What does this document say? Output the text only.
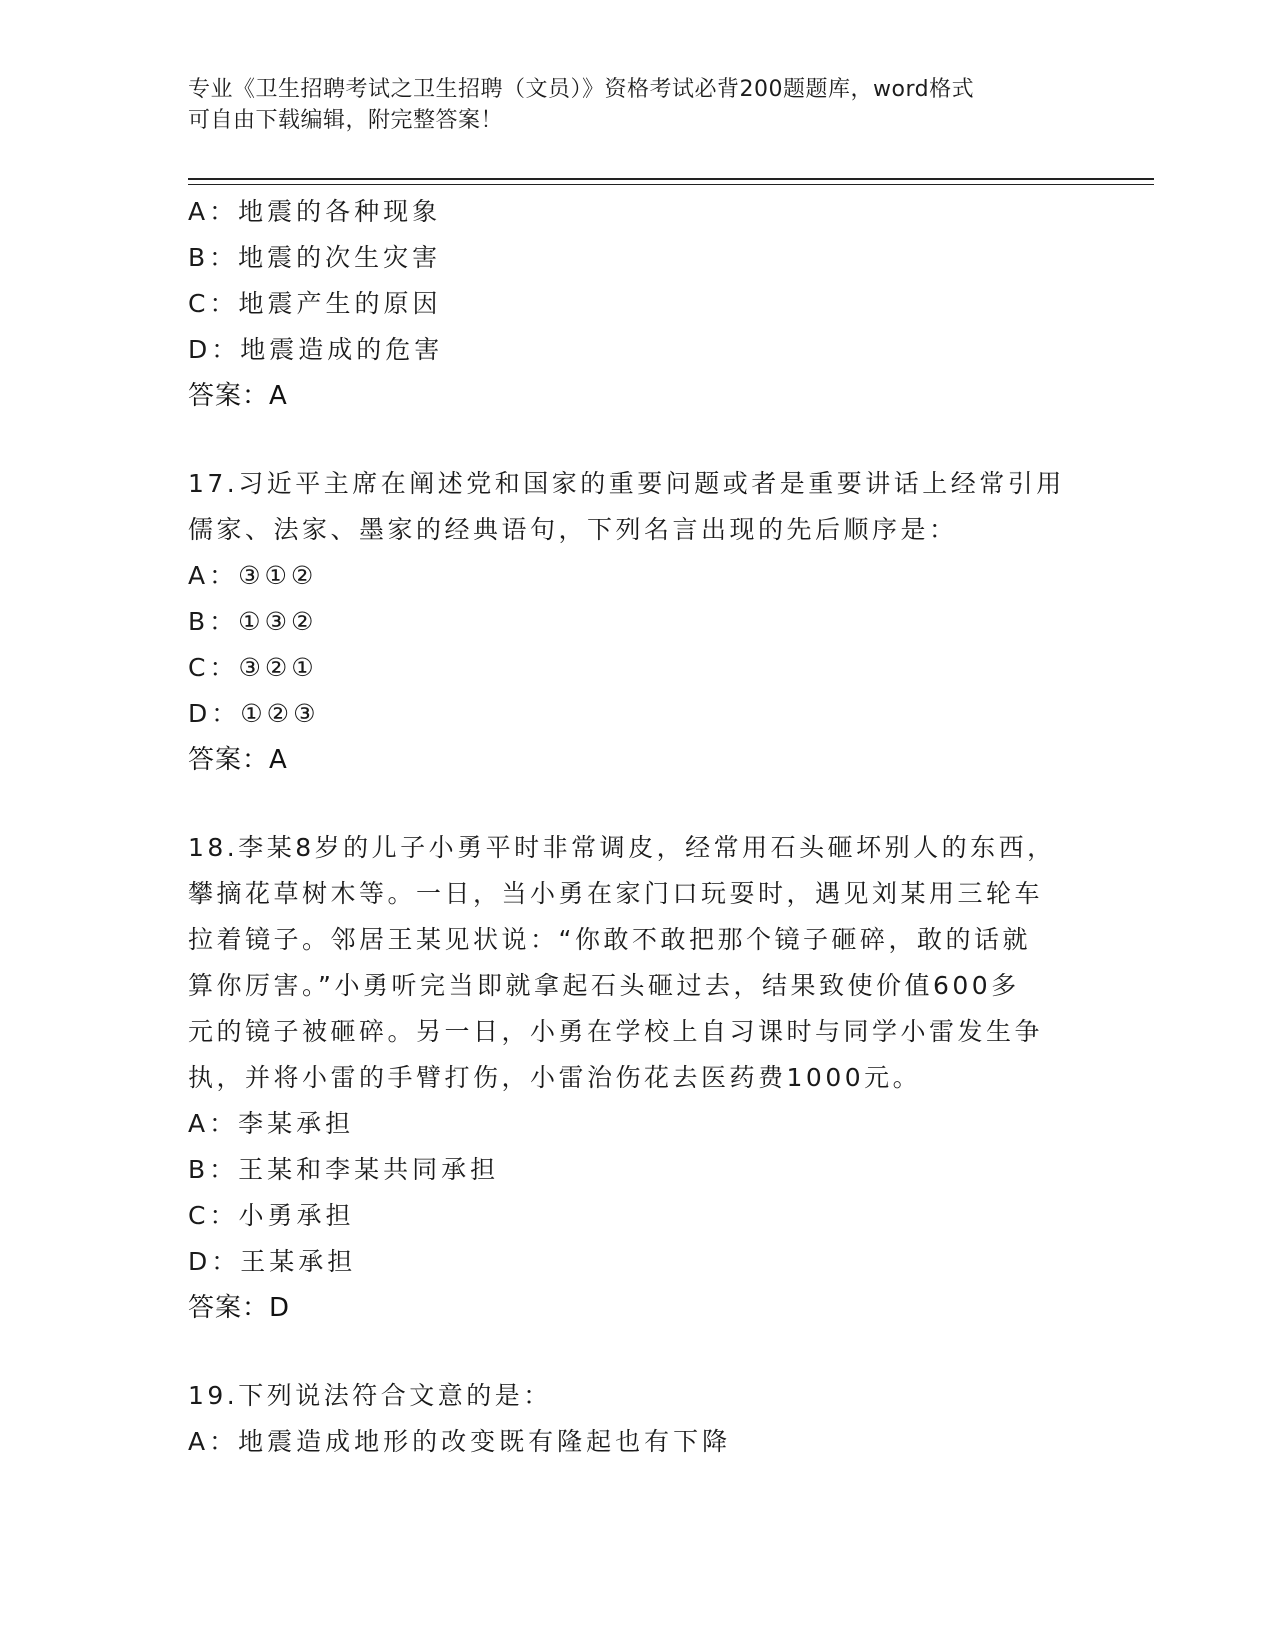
专业《卫生招聘考试之卫生招聘（文员）》资格考试必背200题题库，word格式
可自由下载编辑，附完整答案！
A：地震的各种现象
B：地震的次生灾害
C：地震产生的原因
D：地震造成的危害
答案：A
17.习近平主席在阐述党和国家的重要问题或者是重要讲话上经常引用
儒家、法家、墨家的经典语句，下列名言出现的先后顺序是：
A：③①②
B：①③②
C：③②①
D：①②③
答案：A
18.李某8岁的儿子小勇平时非常调皮，经常用石头砸坏别人的东西，
攀摘花草树木等。一日，当小勇在家门口玩耍时，遇见刘某用三轮车
拉着镜子。邻居王某见状说：“你敢不敢把那个镜子砸碎，敢的话就
算你厉害。”小勇听完当即就拿起石头砸过去，结果致使价值600多
元的镜子被砸碎。另一日，小勇在学校上自习课时与同学小雷发生争
执，并将小雷的手臂打伤，小雷治伤花去医药费1000元。
A：李某承担
B：王某和李某共同承担
C：小勇承担
D：王某承担
答案：D
19.下列说法符合文意的是：
A：地震造成地形的改变既有隆起也有下降
